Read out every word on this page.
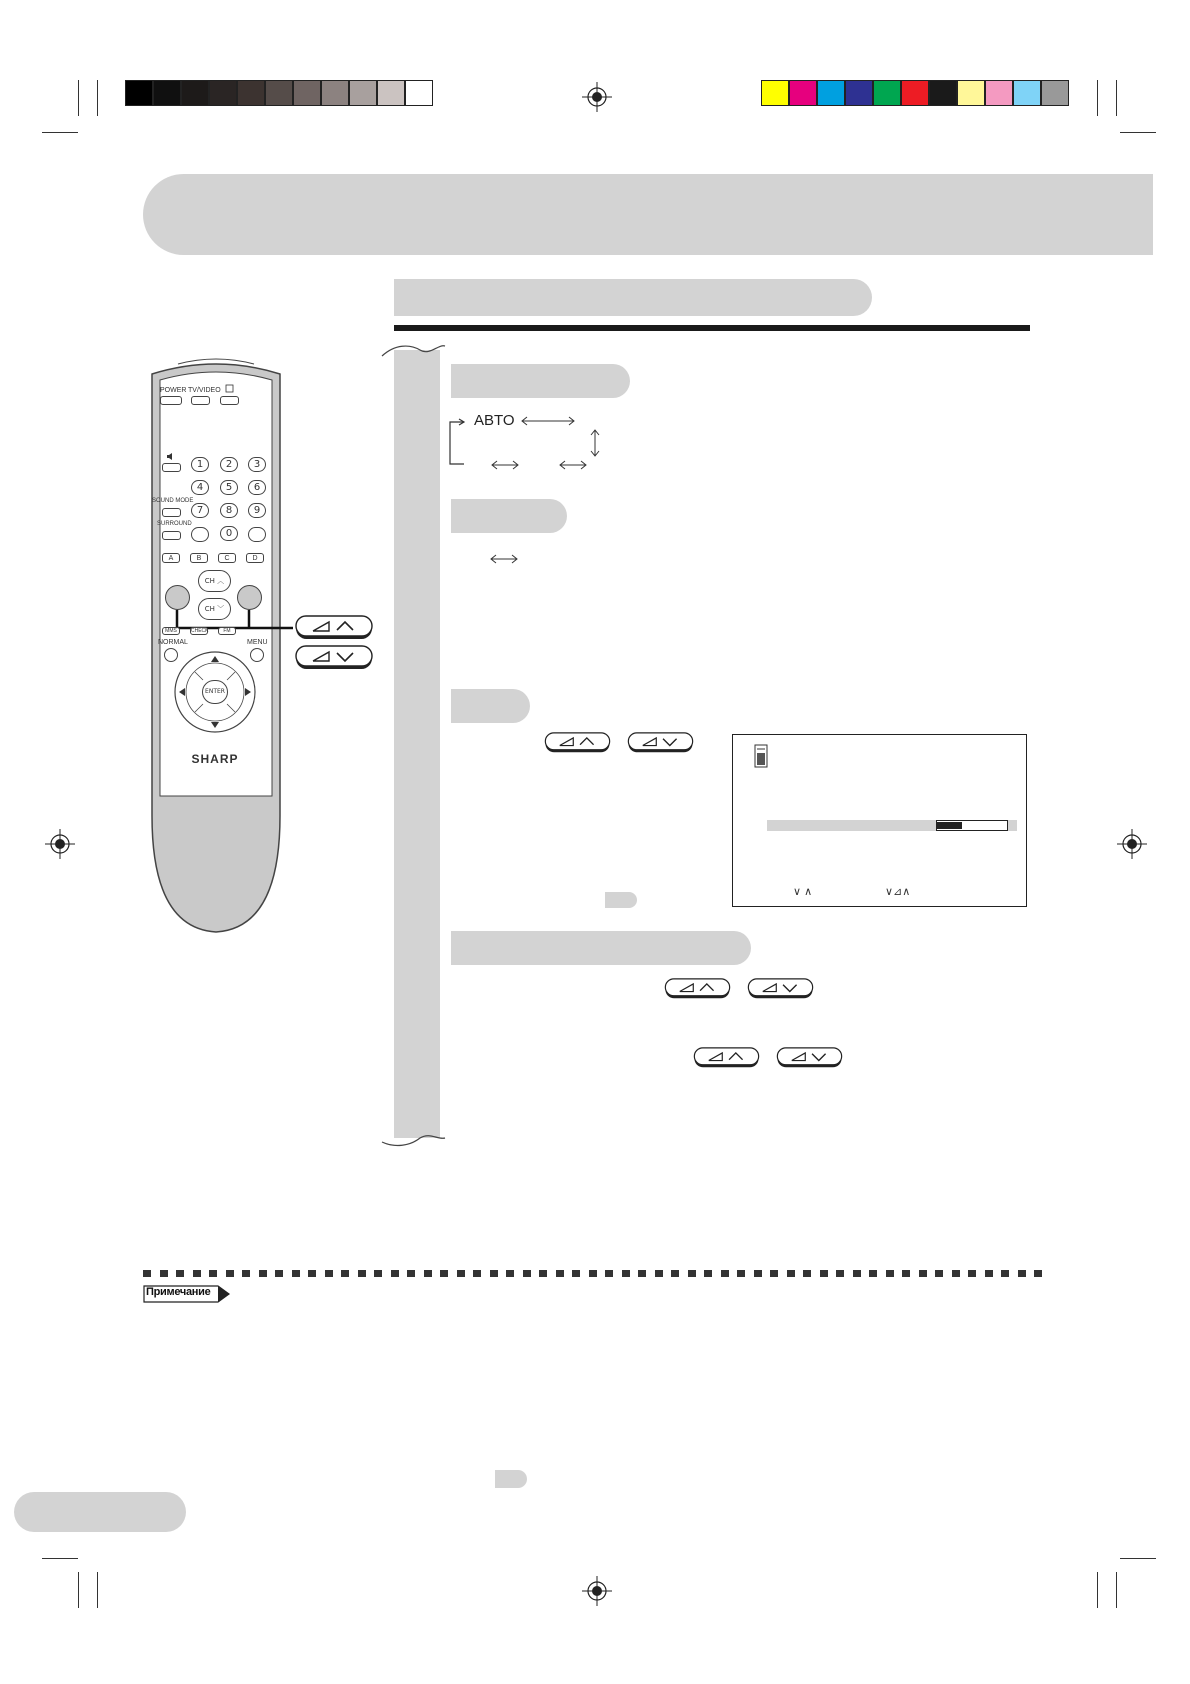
ABTO
∨ ∧	∨⊿∧
POWER TV/VIDEO
1	2	3
4	5	6
7	8	9
0
SOUND MODE
SURROUND
A	B	C	D
CH ︿
CH ﹀
MMS	CHECK	FM
NORMAL	MENU
ENTER
SHARP
Примечание
